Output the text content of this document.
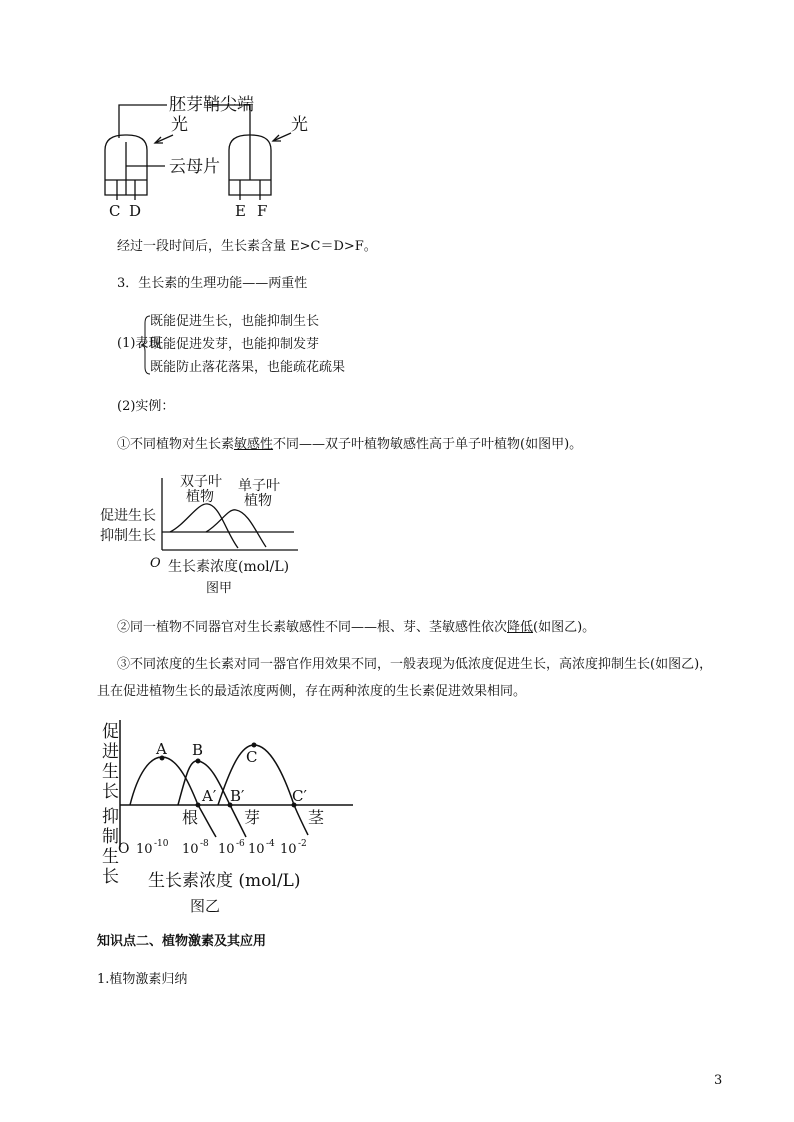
胚芽鞘尖端
光	光
云母片
C D	E F
经过一段时间后，生长素含量 E>C＝D>F。
3．生长素的生理功能——两重性
(1)表现
既能促进生长，也能抑制生长
既能促进发芽，也能抑制发芽
既能防止落花落果，也能疏花疏果
(2)实例：
①不同植物对生长素敏感性不同——双子叶植物敏感性高于单子叶植物(如图甲)。
双子叶
植物
单子叶
植物
促进生长
抑制生长
O 生长素浓度(mol/L)
图甲
②同一植物不同器官对生长素敏感性不同——根、芽、茎敏感性依次降低(如图乙)。
③不同浓度的生长素对同一器官作用效果不同，一般表现为低浓度促进生长，高浓度抑制生长(如图乙)，
且在促进植物生长的最适浓度两侧，存在两种浓度的生长素促进效果相同。
促
进
生
长
抑
制
生
长
A B	C
A′ B′	C′
根	芽	茎
O 10 -10 10 -8 10 -6 10 -4 10 -2
生长素浓度 (mol/L)
图乙
知识点二、植物激素及其应用
1.植物激素归纳
3
